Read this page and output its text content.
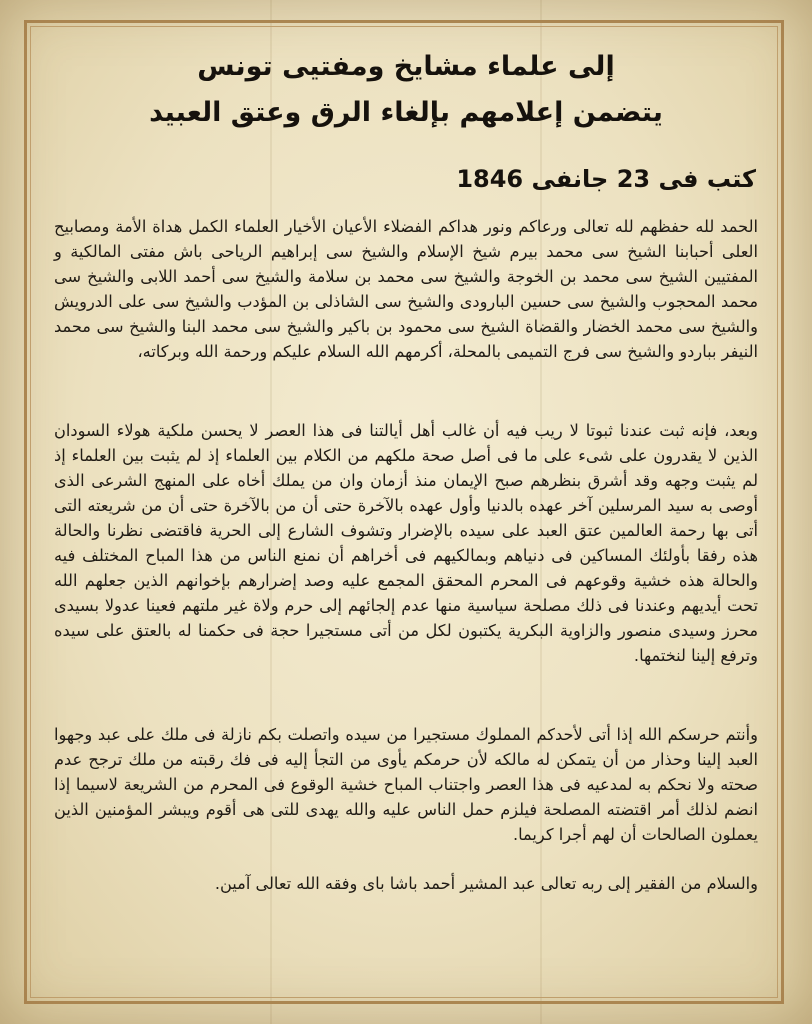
إلى علماء مشايخ ومفتيى تونس
يتضمن إعلامهم بإلغاء الرق وعتق العبيد

كتب فى 23 جانفى 1846

الحمد لله حفظهم لله تعالى ورعاكم ونور هداكم الفضلاء الأعيان الأخيار العلماء الكمل هداة الأمة ومصابيح العلى أحبابنا الشيخ سى محمد بيرم شيخ الإسلام والشيخ سى إبراهيم الرياحى باش مفتى المالكية و المفتيين الشيخ سى محمد بن الخوجة والشيخ سى محمد بن سلامة والشيخ سى أحمد اللابى والشيخ سى محمد المحجوب والشيخ سى حسين البارودى والشيخ سى الشاذلى بن المؤدب والشيخ سى على الدرويش والشيخ سى محمد الخضار والقضاة الشيخ سى محمود بن باكير والشيخ سى محمد البنا والشيخ سى محمد النيفر بباردو والشيخ سى فرج التميمى بالمحلة، أكرمهم الله السلام عليكم ورحمة الله وبركاته،

وبعد، فإنه ثبت عندنا ثبوتا لا ريب فيه أن غالب أهل أيالتنا فى هذا العصر لا يحسن ملكية هولاء السودان الذين لا يقدرون على شىء على ما فى أصل صحة ملكهم من الكلام بين العلماء إذ لم يثبت بين العلماء إذ لم يثبت وجهه وقد أشرق بنظرهم صبح الإيمان منذ أزمان وان من يملك أخاه على المنهج الشرعى الذى أوصى به سيد المرسلين آخر عهده بالدنيا وأول عهده بالآخرة حتى أن من بالآخرة حتى أن من شريعته التى أتى بها رحمة العالمين عتق العبد على سيده بالإضرار وتشوف الشارع إلى الحرية فاقتضى نظرنا والحالة هذه رفقا بأولئك المساكين فى دنياهم وبمالكيهم فى أخراهم أن نمنع الناس من هذا المباح المختلف فيه والحالة هذه خشية وقوعهم فى المحرم المحقق المجمع عليه وصد إضرارهم بإخوانهم الذين جعلهم الله تحت أيديهم وعندنا فى ذلك مصلحة سياسية منها عدم إلجائهم إلى حرم ولاة غير ملتهم فعينا عدولا بسيدى محرز وسيدى منصور والزاوية البكرية يكتبون لكل من أتى مستجيرا حجة فى حكمنا له بالعتق على سيده وترفع إلينا لنختمها.

وأنتم حرسكم الله إذا أتى لأحدكم المملوك مستجيرا من سيده واتصلت بكم نازلة فى ملك على عبد وجهوا العبد إلينا وحذار من أن يتمكن له مالكه لأن حرمكم يأوى من التجأ إليه فى فك رقبته من ملك ترجح عدم صحته ولا نحكم به لمدعيه فى هذا العصر واجتناب المباح خشية الوقوع فى المحرم من الشريعة لاسيما إذا انضم لذلك أمر اقتضته المصلحة فيلزم حمل الناس عليه والله يهدى للتى هى أقوم ويبشر المؤمنين الذين يعملون الصالحات أن لهم أجرا كريما.

والسلام من الفقير إلى ربه تعالى عبد المشير أحمد باشا باى وفقه الله تعالى آمين.
